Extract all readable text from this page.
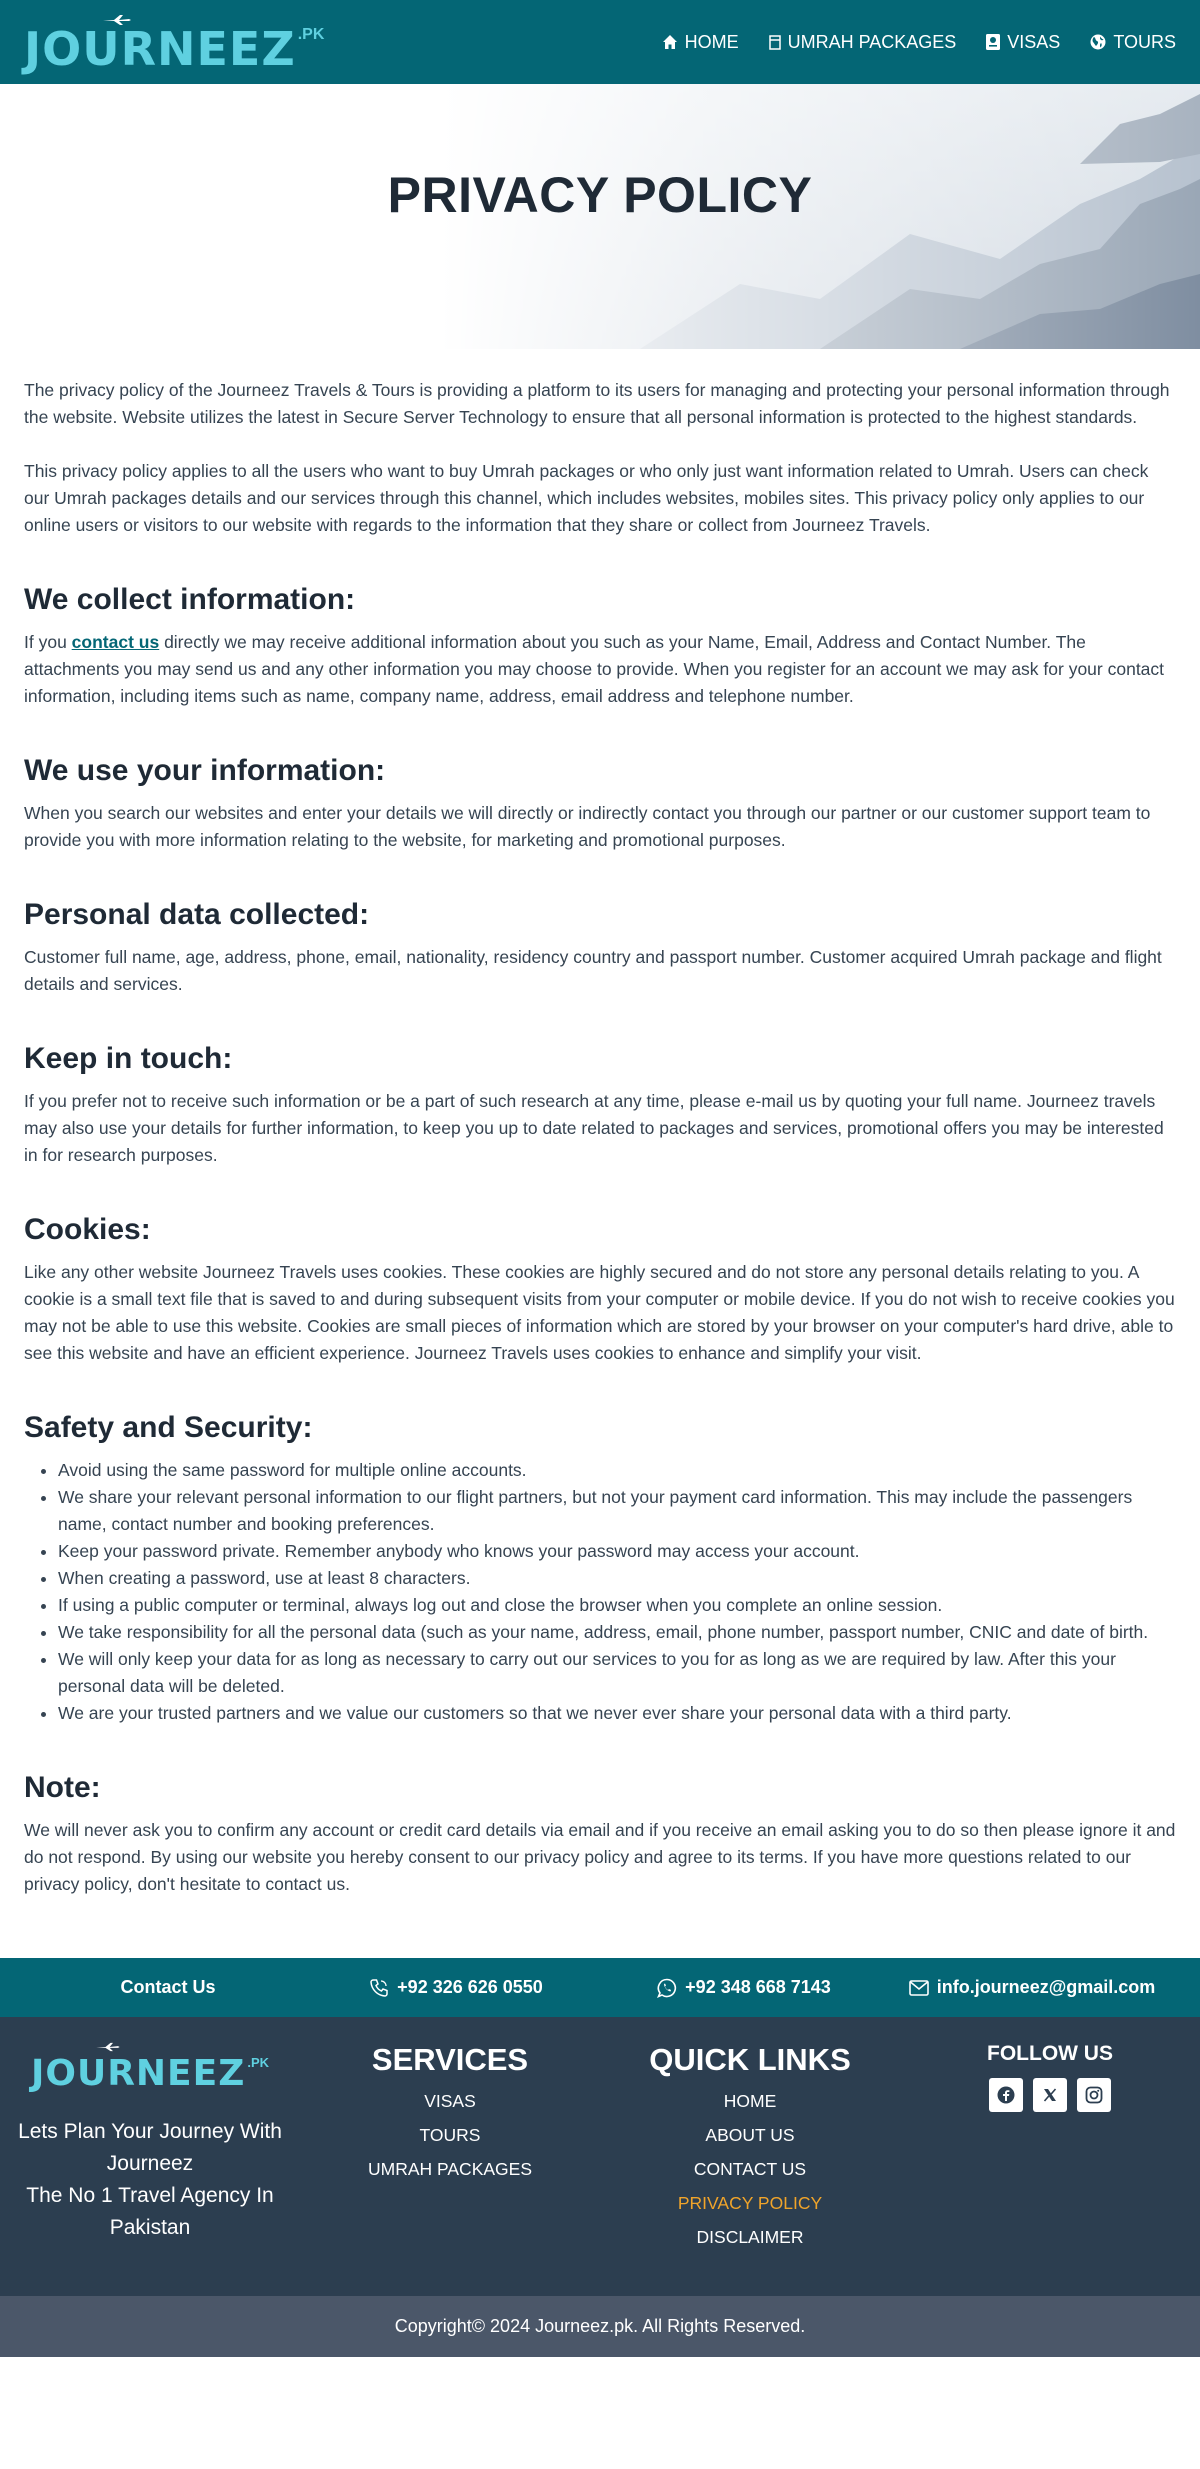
JOURNEEZ .PK	HOME	UMRAH PACKAGES	VISAS	TOURS
PRIVACY POLICY

The privacy policy of the Journeez Travels & Tours is providing a platform to its users for managing and protecting your personal information through the website. Website utilizes the latest in Secure Server Technology to ensure that all personal information is protected to the highest standards.

This privacy policy applies to all the users who want to buy Umrah packages or who only just want information related to Umrah. Users can check our Umrah packages details and our services through this channel, which includes websites, mobiles sites. This privacy policy only applies to our online users or visitors to our website with regards to the information that they share or collect from Journeez Travels.

We collect information:

If you contact us directly we may receive additional information about you such as your Name, Email, Address and Contact Number. The attachments you may send us and any other information you may choose to provide. When you register for an account we may ask for your contact information, including items such as name, company name, address, email address and telephone number.

We use your information:

When you search our websites and enter your details we will directly or indirectly contact you through our partner or our customer support team to provide you with more information relating to the website, for marketing and promotional purposes.

Personal data collected:

Customer full name, age, address, phone, email, nationality, residency country and passport number. Customer acquired Umrah package and flight details and services.

Keep in touch:

If you prefer not to receive such information or be a part of such research at any time, please e-mail us by quoting your full name. Journeez travels may also use your details for further information, to keep you up to date related to packages and services, promotional offers you may be interested in for research purposes.

Cookies:

Like any other website Journeez Travels uses cookies. These cookies are highly secured and do not store any personal details relating to you. A cookie is a small text file that is saved to and during subsequent visits from your computer or mobile device. If you do not wish to receive cookies you may not be able to use this website. Cookies are small pieces of information which are stored by your browser on your computer's hard drive, able to see this website and have an efficient experience. Journeez Travels uses cookies to enhance and simplify your visit.

Safety and Security:
• Avoid using the same password for multiple online accounts.
• We share your relevant personal information to our flight partners, but not your payment card information. This may include the passengers name, contact number and booking preferences.
• Keep your password private. Remember anybody who knows your password may access your account.
• When creating a password, use at least 8 characters.
• If using a public computer or terminal, always log out and close the browser when you complete an online session.
• We take responsibility for all the personal data (such as your name, address, email, phone number, passport number, CNIC and date of birth.
• We will only keep your data for as long as necessary to carry out our services to you for as long as we are required by law. After this your personal data will be deleted.
• We are your trusted partners and we value our customers so that we never ever share your personal data with a third party.
Note:

We will never ask you to confirm any account or credit card details via email and if you receive an email asking you to do so then please ignore it and do not respond. By using our website you hereby consent to our privacy policy and agree to its terms. If you have more questions related to our privacy policy, don't hesitate to contact us.

Contact Us	+92 326 626 0550	+92 348 668 7143	info.journeez@gmail.com
JOURNEEZ .PK
Lets Plan Your Journey With Journeez
The No 1 Travel Agency In Pakistan
SERVICES
VISAS
TOURS
UMRAH PACKAGES
QUICK LINKS
HOME
ABOUT US
CONTACT US
PRIVACY POLICY
DISCLAIMER
FOLLOW US
Copyright© 2024 Journeez.pk. All Rights Reserved.
